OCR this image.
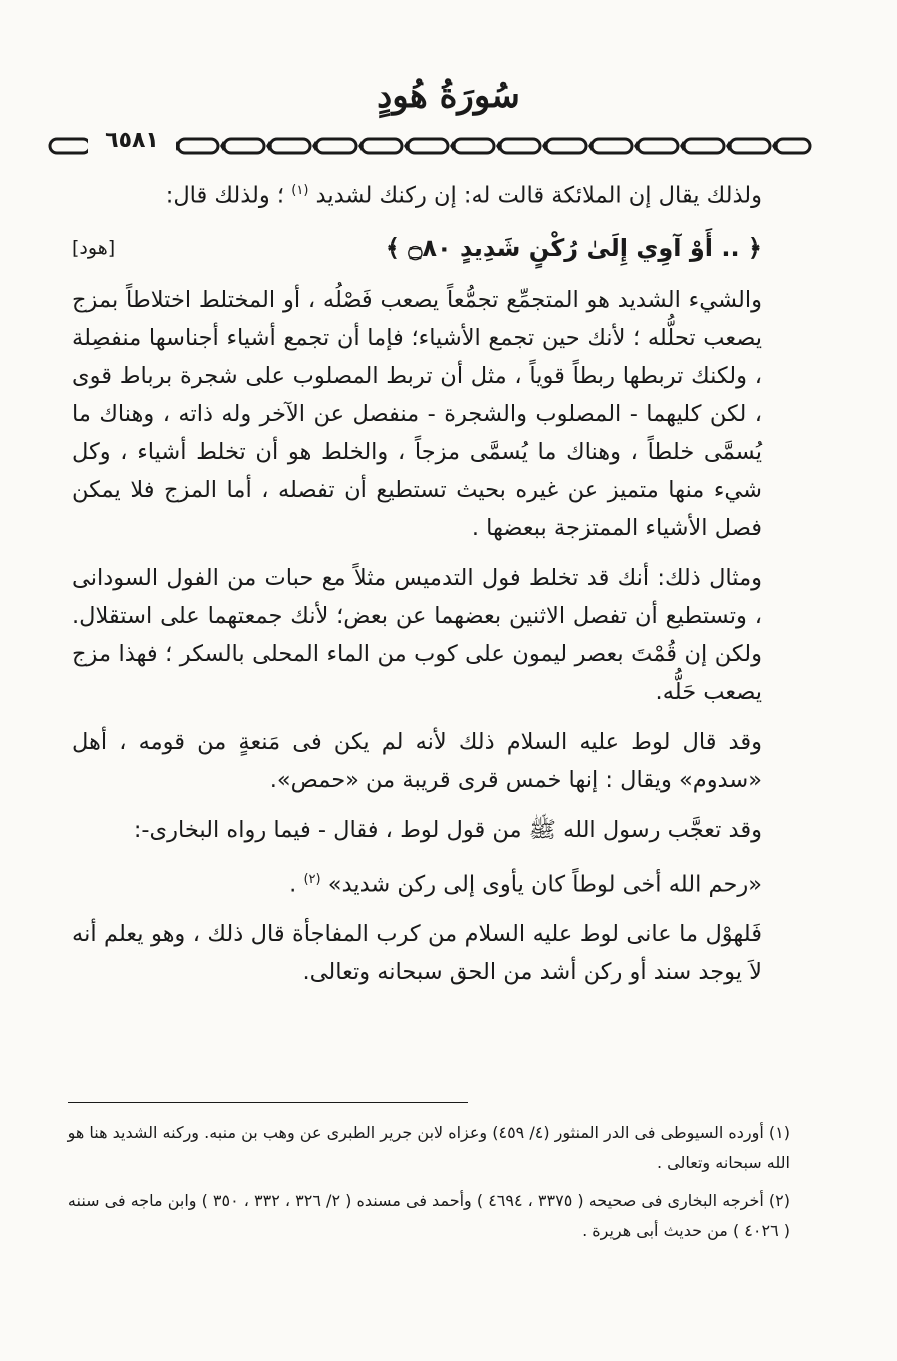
سُورَةُ هُودٍ
٦٥٨١

ولذلك يقال إن الملائكة قالت له: إن ركنك لشديد $^{(١)}$ ؛ ولذلك قال:

﴿ .. أَوْ آوِي إِلَىٰ رُكْنٍ شَدِيدٍ ۝٨٠ ﴾
[هود]

والشيء الشديد هو المتجمِّع تجمُّعاً يصعب فَصْلُه ، أو المختلط اختلاطاً بمزج يصعب تحلُّله ؛ لأنك حين تجمع الأشياء؛ فإما أن تجمع أشياء أجناسها منفصِلة ، ولكنك تربطها ربطاً قوياً ، مثل أن تربط المصلوب على شجرة برباط قوى ، لكن كليهما - المصلوب والشجرة - منفصل عن الآخر وله ذاته ، وهناك ما يُسمَّى خلطاً ، وهناك ما يُسمَّى مزجاً ، والخلط هو أن تخلط أشياء ، وكل شيء منها متميز عن غيره بحيث تستطيع أن تفصله ، أما المزج فلا يمكن فصل الأشياء الممتزجة ببعضها .

ومثال ذلك: أنك قد تخلط فول التدميس مثلاً مع حبات من الفول السودانى ، وتستطيع أن تفصل الاثنين بعضهما عن بعض؛ لأنك جمعتهما على استقلال. ولكن إن قُمْتَ بعصر ليمون على كوب من الماء المحلى بالسكر ؛ فهذا مزج يصعب حَلُّه.

وقد قال لوط عليه السلام ذلك لأنه لم يكن فى مَنعةٍ من قومه ، أهل «سدوم» ويقال : إنها خمس قرى قريبة من «حمص».

وقد تعجَّب رسول الله ﷺ من قول لوط ، فقال - فيما رواه البخارى-:

«رحم الله أخى لوطاً كان يأوى إلى ركن شديد» $^{(٢)}$ .

فَلهوْل ما عانى لوط عليه السلام من كرب المفاجأة قال ذلك ، وهو يعلم أنه لاَ يوجد سند أو ركن أشد من الحق سبحانه وتعالى.

(١) أورده السيوطى فى الدر المنثور (٤/ ٤٥٩) وعزاه لابن جرير الطبرى عن وهب بن منبه. وركنه الشديد هنا هو الله سبحانه وتعالى .

(٢) أخرجه البخارى فى صحيحه ( ٣٣٧٥ ، ٤٦٩٤ ) وأحمد فى مسنده ( ٢/ ٣٢٦ ، ٣٣٢ ، ٣٥٠ ) وابن ماجه فى سننه ( ٤٠٢٦ ) من حديث أبى هريرة .
